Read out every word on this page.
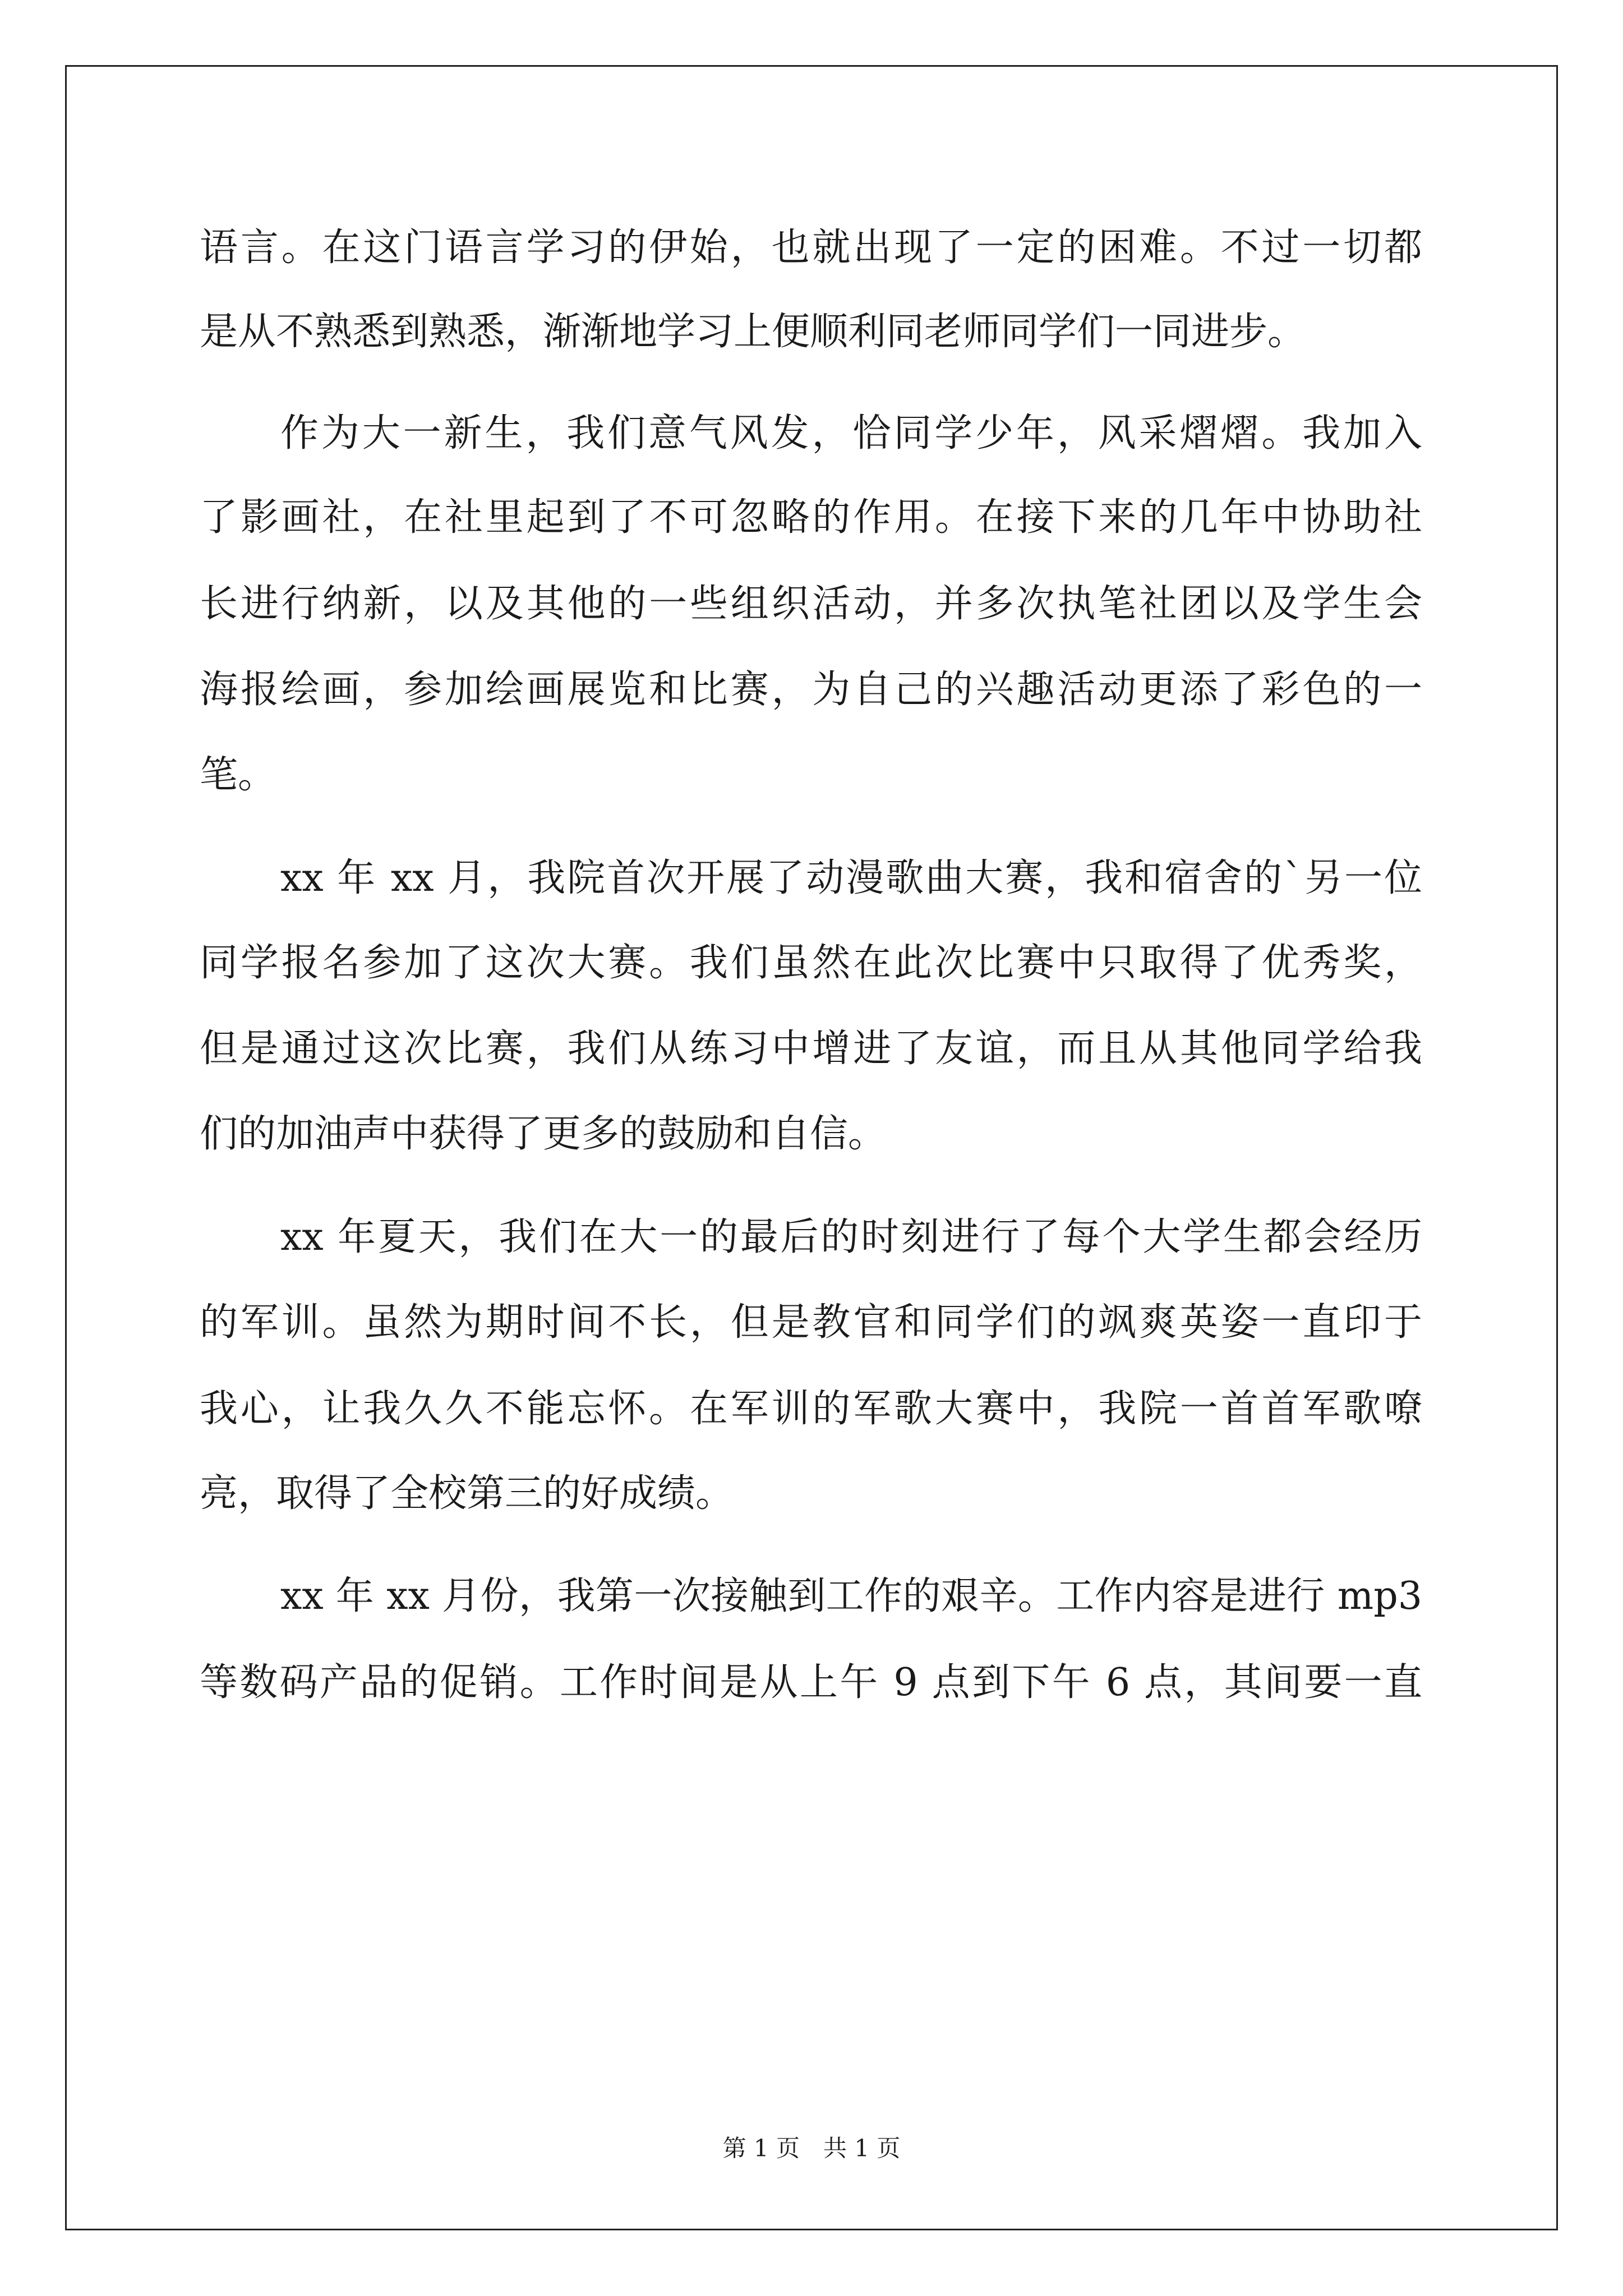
语言。在这门语言学习的伊始，也就出现了一定的困难。不过一切都
是从不熟悉到熟悉，渐渐地学习上便顺利同老师同学们一同进步。
作为大一新生，我们意气风发，恰同学少年，风采熠熠。我加入
了影画社，在社里起到了不可忽略的作用。在接下来的几年中协助社
长进行纳新，以及其他的一些组织活动，并多次执笔社团以及学生会
海报绘画，参加绘画展览和比赛，为自己的兴趣活动更添了彩色的一
笔。
xx 年 xx 月，我院首次开展了动漫歌曲大赛，我和宿舍的`另一位
同学报名参加了这次大赛。我们虽然在此次比赛中只取得了优秀奖，
但是通过这次比赛，我们从练习中增进了友谊，而且从其他同学给我
们的加油声中获得了更多的鼓励和自信。
xx 年夏天，我们在大一的最后的时刻进行了每个大学生都会经历
的军训。虽然为期时间不长，但是教官和同学们的飒爽英姿一直印于
我心，让我久久不能忘怀。在军训的军歌大赛中，我院一首首军歌嘹
亮，取得了全校第三的好成绩。
xx 年 xx 月份，我第一次接触到工作的艰辛。工作内容是进行 mp3
等数码产品的促销。工作时间是从上午 9 点到下午 6 点，其间要一直
第 1 页　共 1 页
